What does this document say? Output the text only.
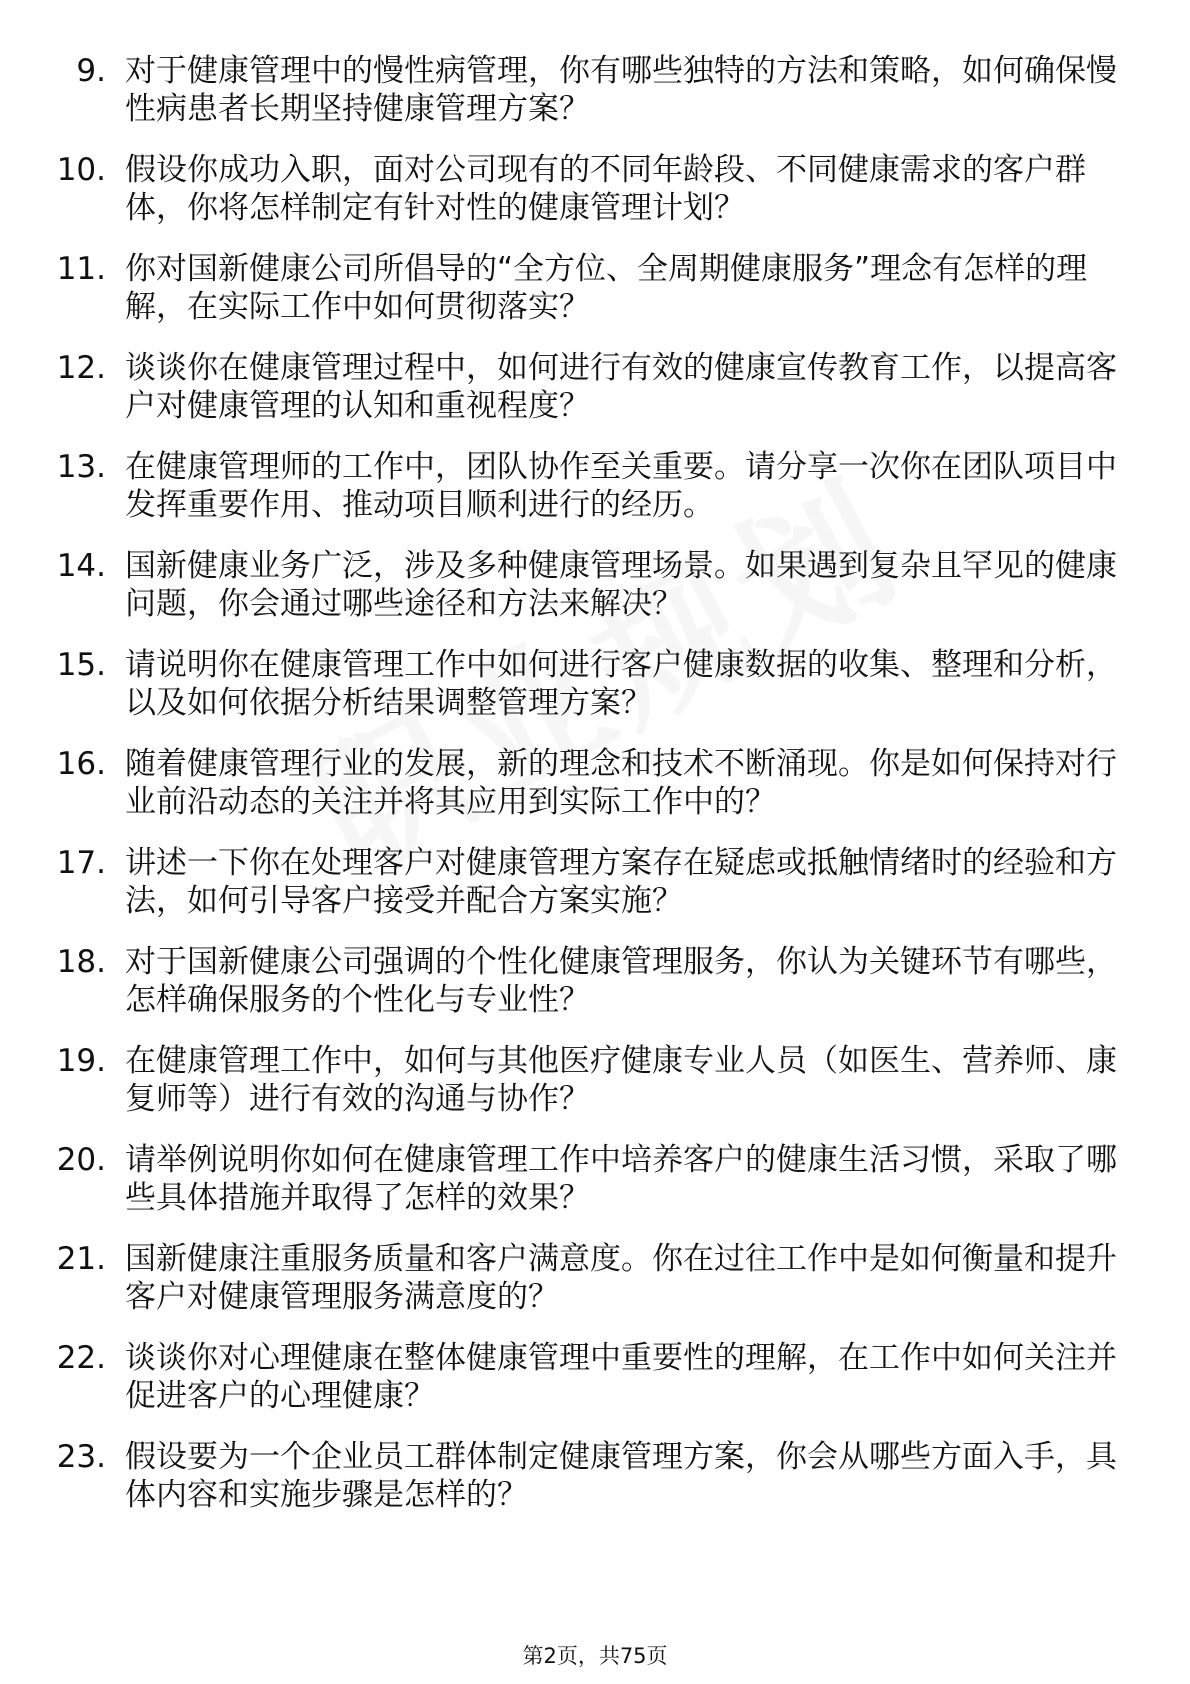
9. 对于健康管理中的慢性病管理，你有哪些独特的方法和策略，如何确保慢性病患者长期坚持健康管理方案？
10. 假设你成功入职，面对公司现有的不同年龄段、不同健康需求的客户群体，你将怎样制定有针对性的健康管理计划？
11. 你对国新健康公司所倡导的“全方位、全周期健康服务”理念有怎样的理解，在实际工作中如何贯彻落实？
12. 谈谈你在健康管理过程中，如何进行有效的健康宣传教育工作，以提高客户对健康管理的认知和重视程度？
13. 在健康管理师的工作中，团队协作至关重要。请分享一次你在团队项目中发挥重要作用、推动项目顺利进行的经历。
14. 国新健康业务广泛，涉及多种健康管理场景。如果遇到复杂且罕见的健康问题，你会通过哪些途径和方法来解决？
15. 请说明你在健康管理工作中如何进行客户健康数据的收集、整理和分析，以及如何依据分析结果调整管理方案？
16. 随着健康管理行业的发展，新的理念和技术不断涌现。你是如何保持对行业前沿动态的关注并将其应用到实际工作中的？
17. 讲述一下你在处理客户对健康管理方案存在疑虑或抵触情绪时的经验和方法，如何引导客户接受并配合方案实施？
18. 对于国新健康公司强调的个性化健康管理服务，你认为关键环节有哪些，怎样确保服务的个性化与专业性？
19. 在健康管理工作中，如何与其他医疗健康专业人员（如医生、营养师、康复师等）进行有效的沟通与协作？
20. 请举例说明你如何在健康管理工作中培养客户的健康生活习惯，采取了哪些具体措施并取得了怎样的效果？
21. 国新健康注重服务质量和客户满意度。你在过往工作中是如何衡量和提升客户对健康管理服务满意度的？
22. 谈谈你对心理健康在整体健康管理中重要性的理解，在工作中如何关注并促进客户的心理健康？
23. 假设要为一个企业员工群体制定健康管理方案，你会从哪些方面入手，具体内容和实施步骤是怎样的？
第2页，共75页
